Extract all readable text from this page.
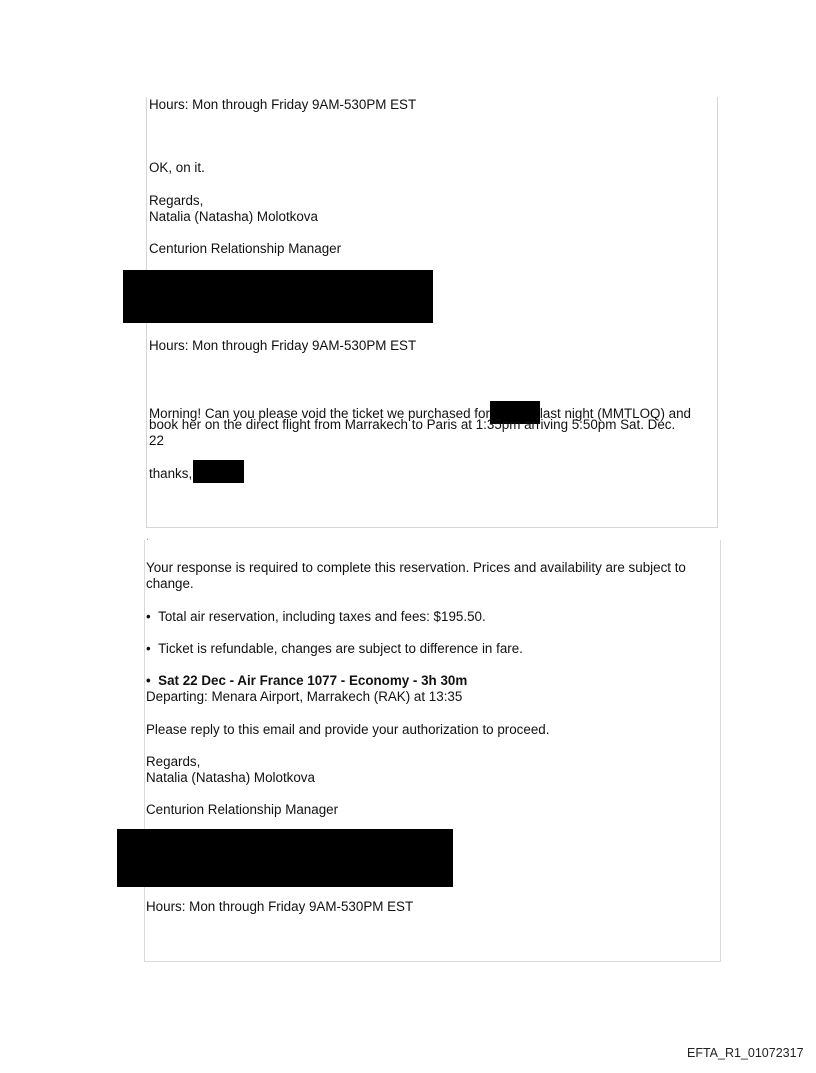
Hours: Mon through Friday 9AM-530PM EST
OK, on it.
Regards,
Natalia (Natasha) Molotkova
Centurion Relationship Manager
Hours: Mon through Friday 9AM-530PM EST
Morning! Can you please void the ticket we purchased for	last night (MMTLOQ) and
book her on the direct flight from Marrakech to Paris at 1:35pm arriving 5:50pm Sat. Dec.
22
thanks,
.
Your response is required to complete this reservation. Prices and availability are subject to
change.
• Total air reservation, including taxes and fees: $195.50.
• Ticket is refundable, changes are subject to difference in fare.
• Sat 22 Dec - Air France 1077 - Economy - 3h 30m
Departing: Menara Airport, Marrakech (RAK) at 13:35
Please reply to this email and provide your authorization to proceed.
Regards,
Natalia (Natasha) Molotkova
Centurion Relationship Manager
Hours: Mon through Friday 9AM-530PM EST
EFTA_R1_01072317
